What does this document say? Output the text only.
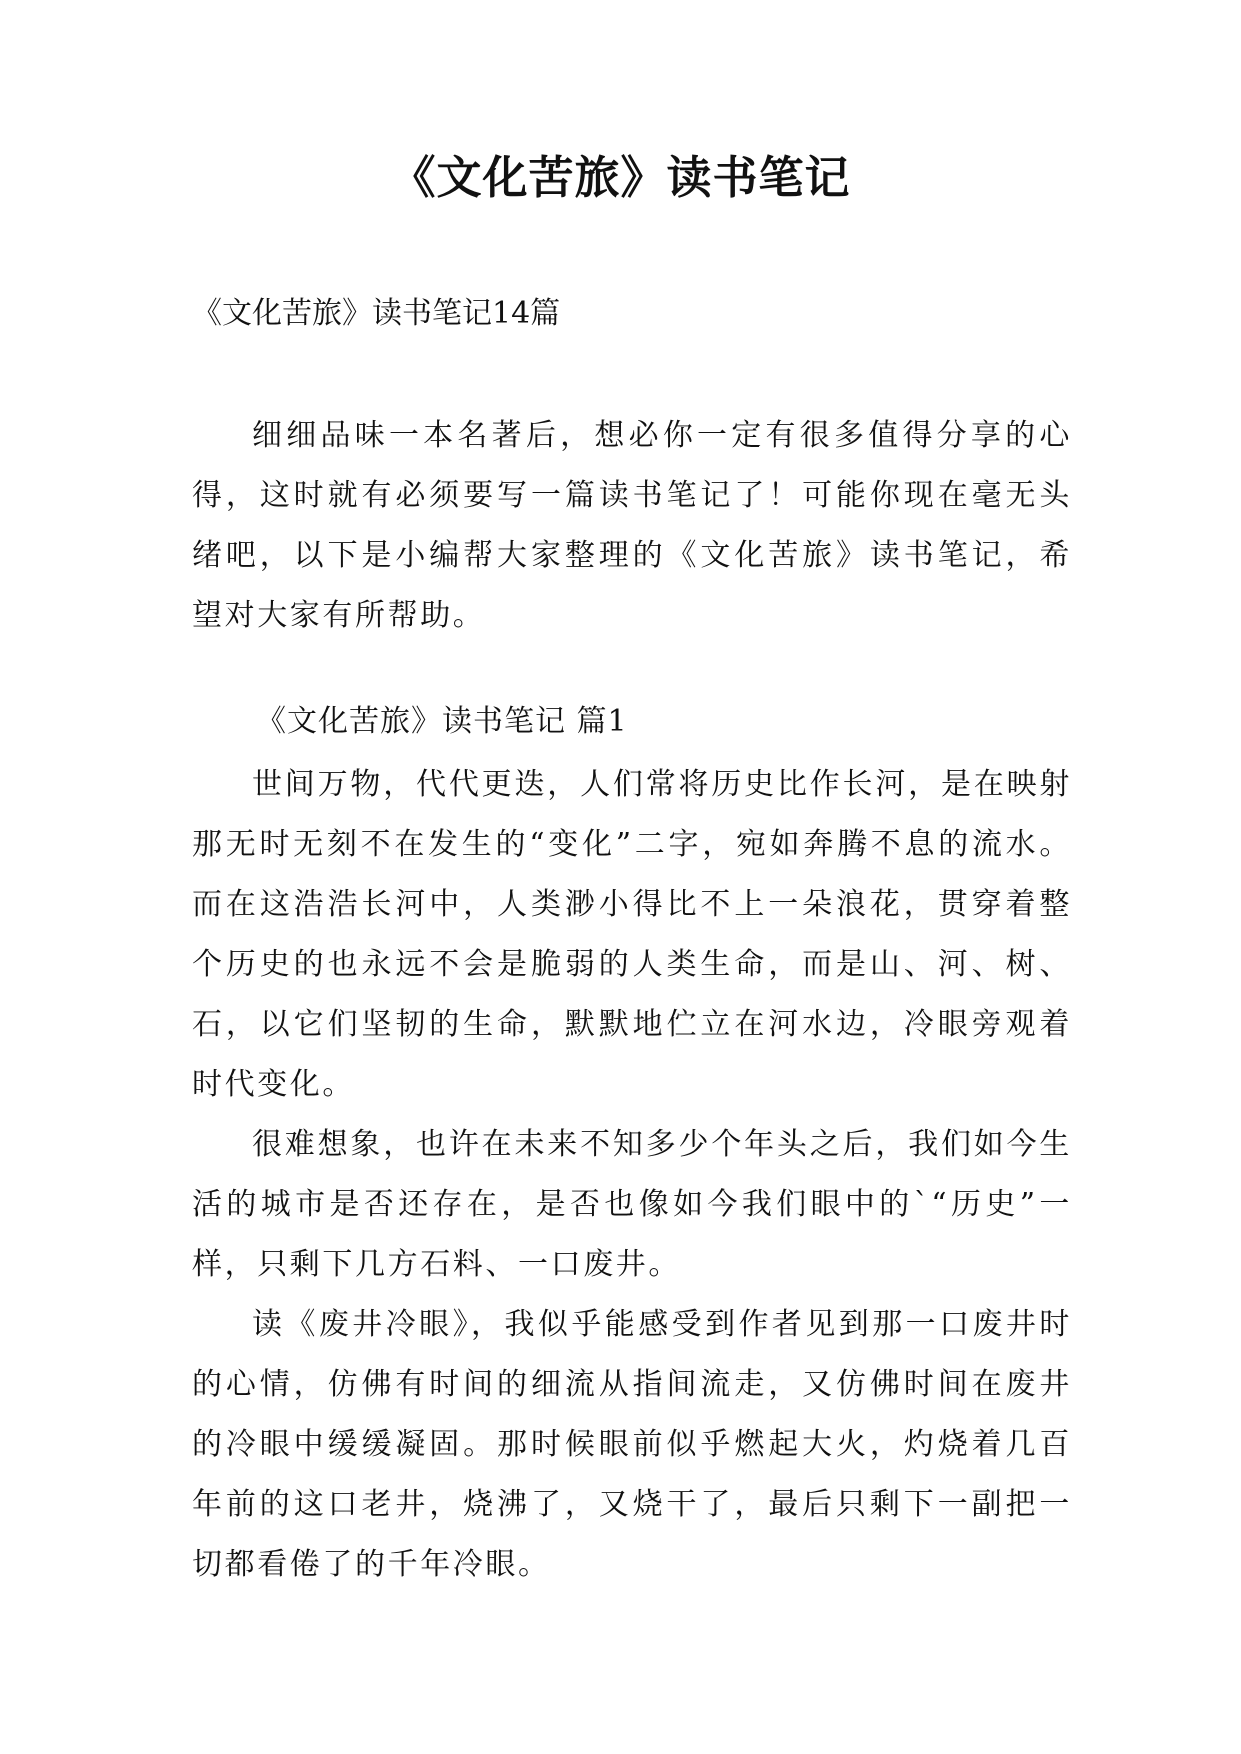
《文化苦旅》读书笔记
《文化苦旅》读书笔记14篇

细细品味一本名著后，想必你一定有很多值得分享的心得，这时就有必须要写一篇读书笔记了！可能你现在毫无头绪吧，以下是小编帮大家整理的《文化苦旅》读书笔记，希望对大家有所帮助。

《文化苦旅》读书笔记 篇1

世间万物，代代更迭，人们常将历史比作长河，是在映射那无时无刻不在发生的“变化”二字，宛如奔腾不息的流水。而在这浩浩长河中，人类渺小得比不上一朵浪花，贯穿着整个历史的也永远不会是脆弱的人类生命，而是山、河、树、石，以它们坚韧的生命，默默地伫立在河水边，冷眼旁观着时代变化。

很难想象，也许在未来不知多少个年头之后，我们如今生活的城市是否还存在，是否也像如今我们眼中的`“历史”一样，只剩下几方石料、一口废井。

读《废井冷眼》，我似乎能感受到作者见到那一口废井时的心情，仿佛有时间的细流从指间流走，又仿佛时间在废井的冷眼中缓缓凝固。那时候眼前似乎燃起大火，灼烧着几百年前的这口老井，烧沸了，又烧干了，最后只剩下一副把一切都看倦了的千年冷眼。
